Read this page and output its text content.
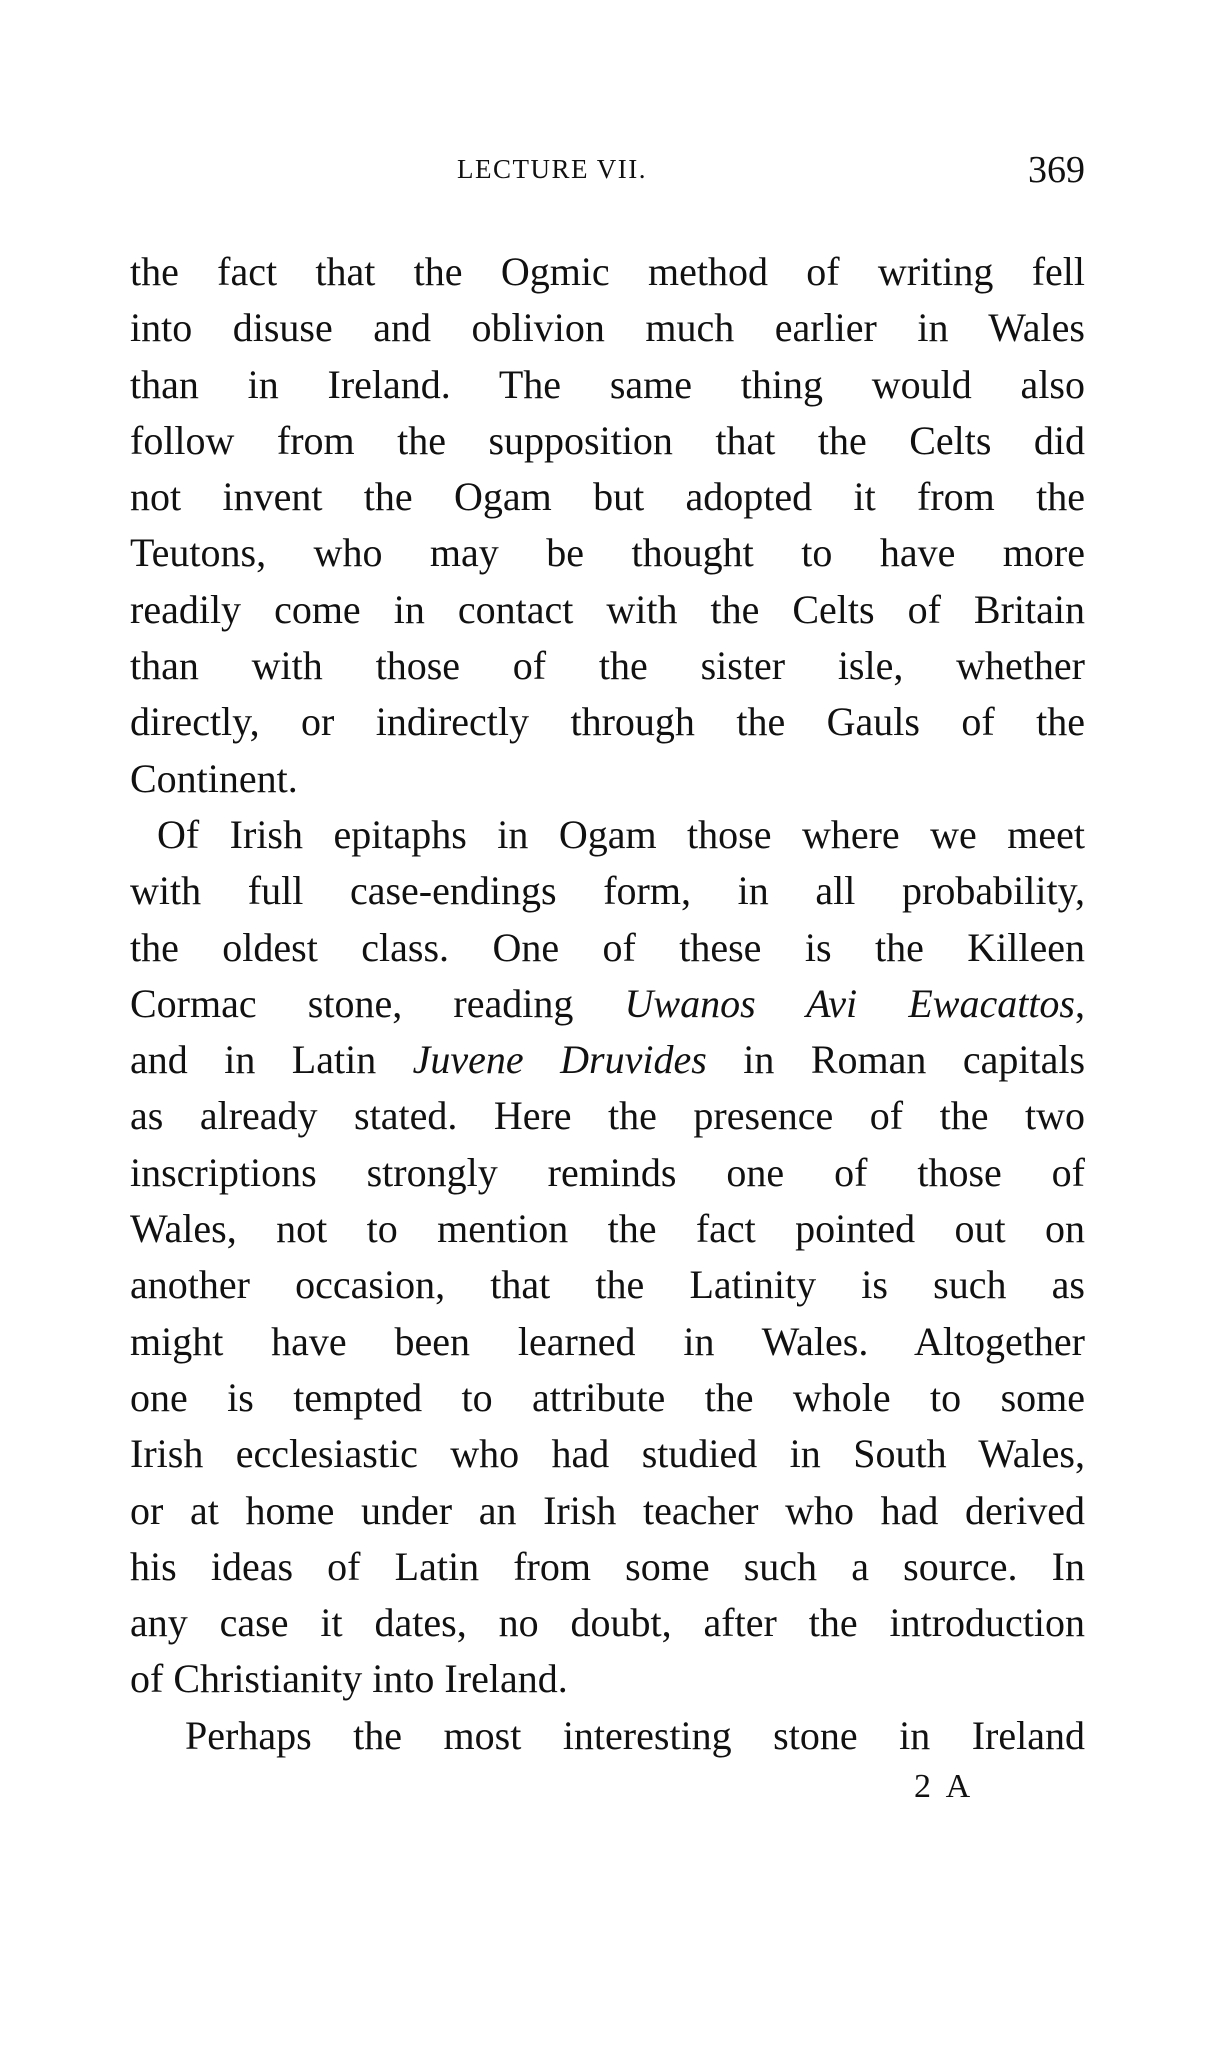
LECTURE VII.	369
the fact that the Ogmic method of writing fell
into disuse and oblivion much earlier in Wales
than in Ireland. The same thing would also
follow from the supposition that the Celts did
not invent the Ogam but adopted it from the
Teutons, who may be thought to have more
readily come in contact with the Celts of Britain
than with those of the sister isle, whether
directly, or indirectly through the Gauls of the
Continent.
Of Irish epitaphs in Ogam those where we meet
with full case-endings form, in all probability,
the oldest class. One of these is the Killeen
Cormac stone, reading Uwanos Avi Ewacattos,
and in Latin Juvene Druvides in Roman capitals
as already stated. Here the presence of the two
inscriptions strongly reminds one of those of
Wales, not to mention the fact pointed out on
another occasion, that the Latinity is such as
might have been learned in Wales. Altogether
one is tempted to attribute the whole to some
Irish ecclesiastic who had studied in South Wales,
or at home under an Irish teacher who had derived
his ideas of Latin from some such a source. In
any case it dates, no doubt, after the introduction
of Christianity into Ireland.
Perhaps the most interesting stone in Ireland
2 A
